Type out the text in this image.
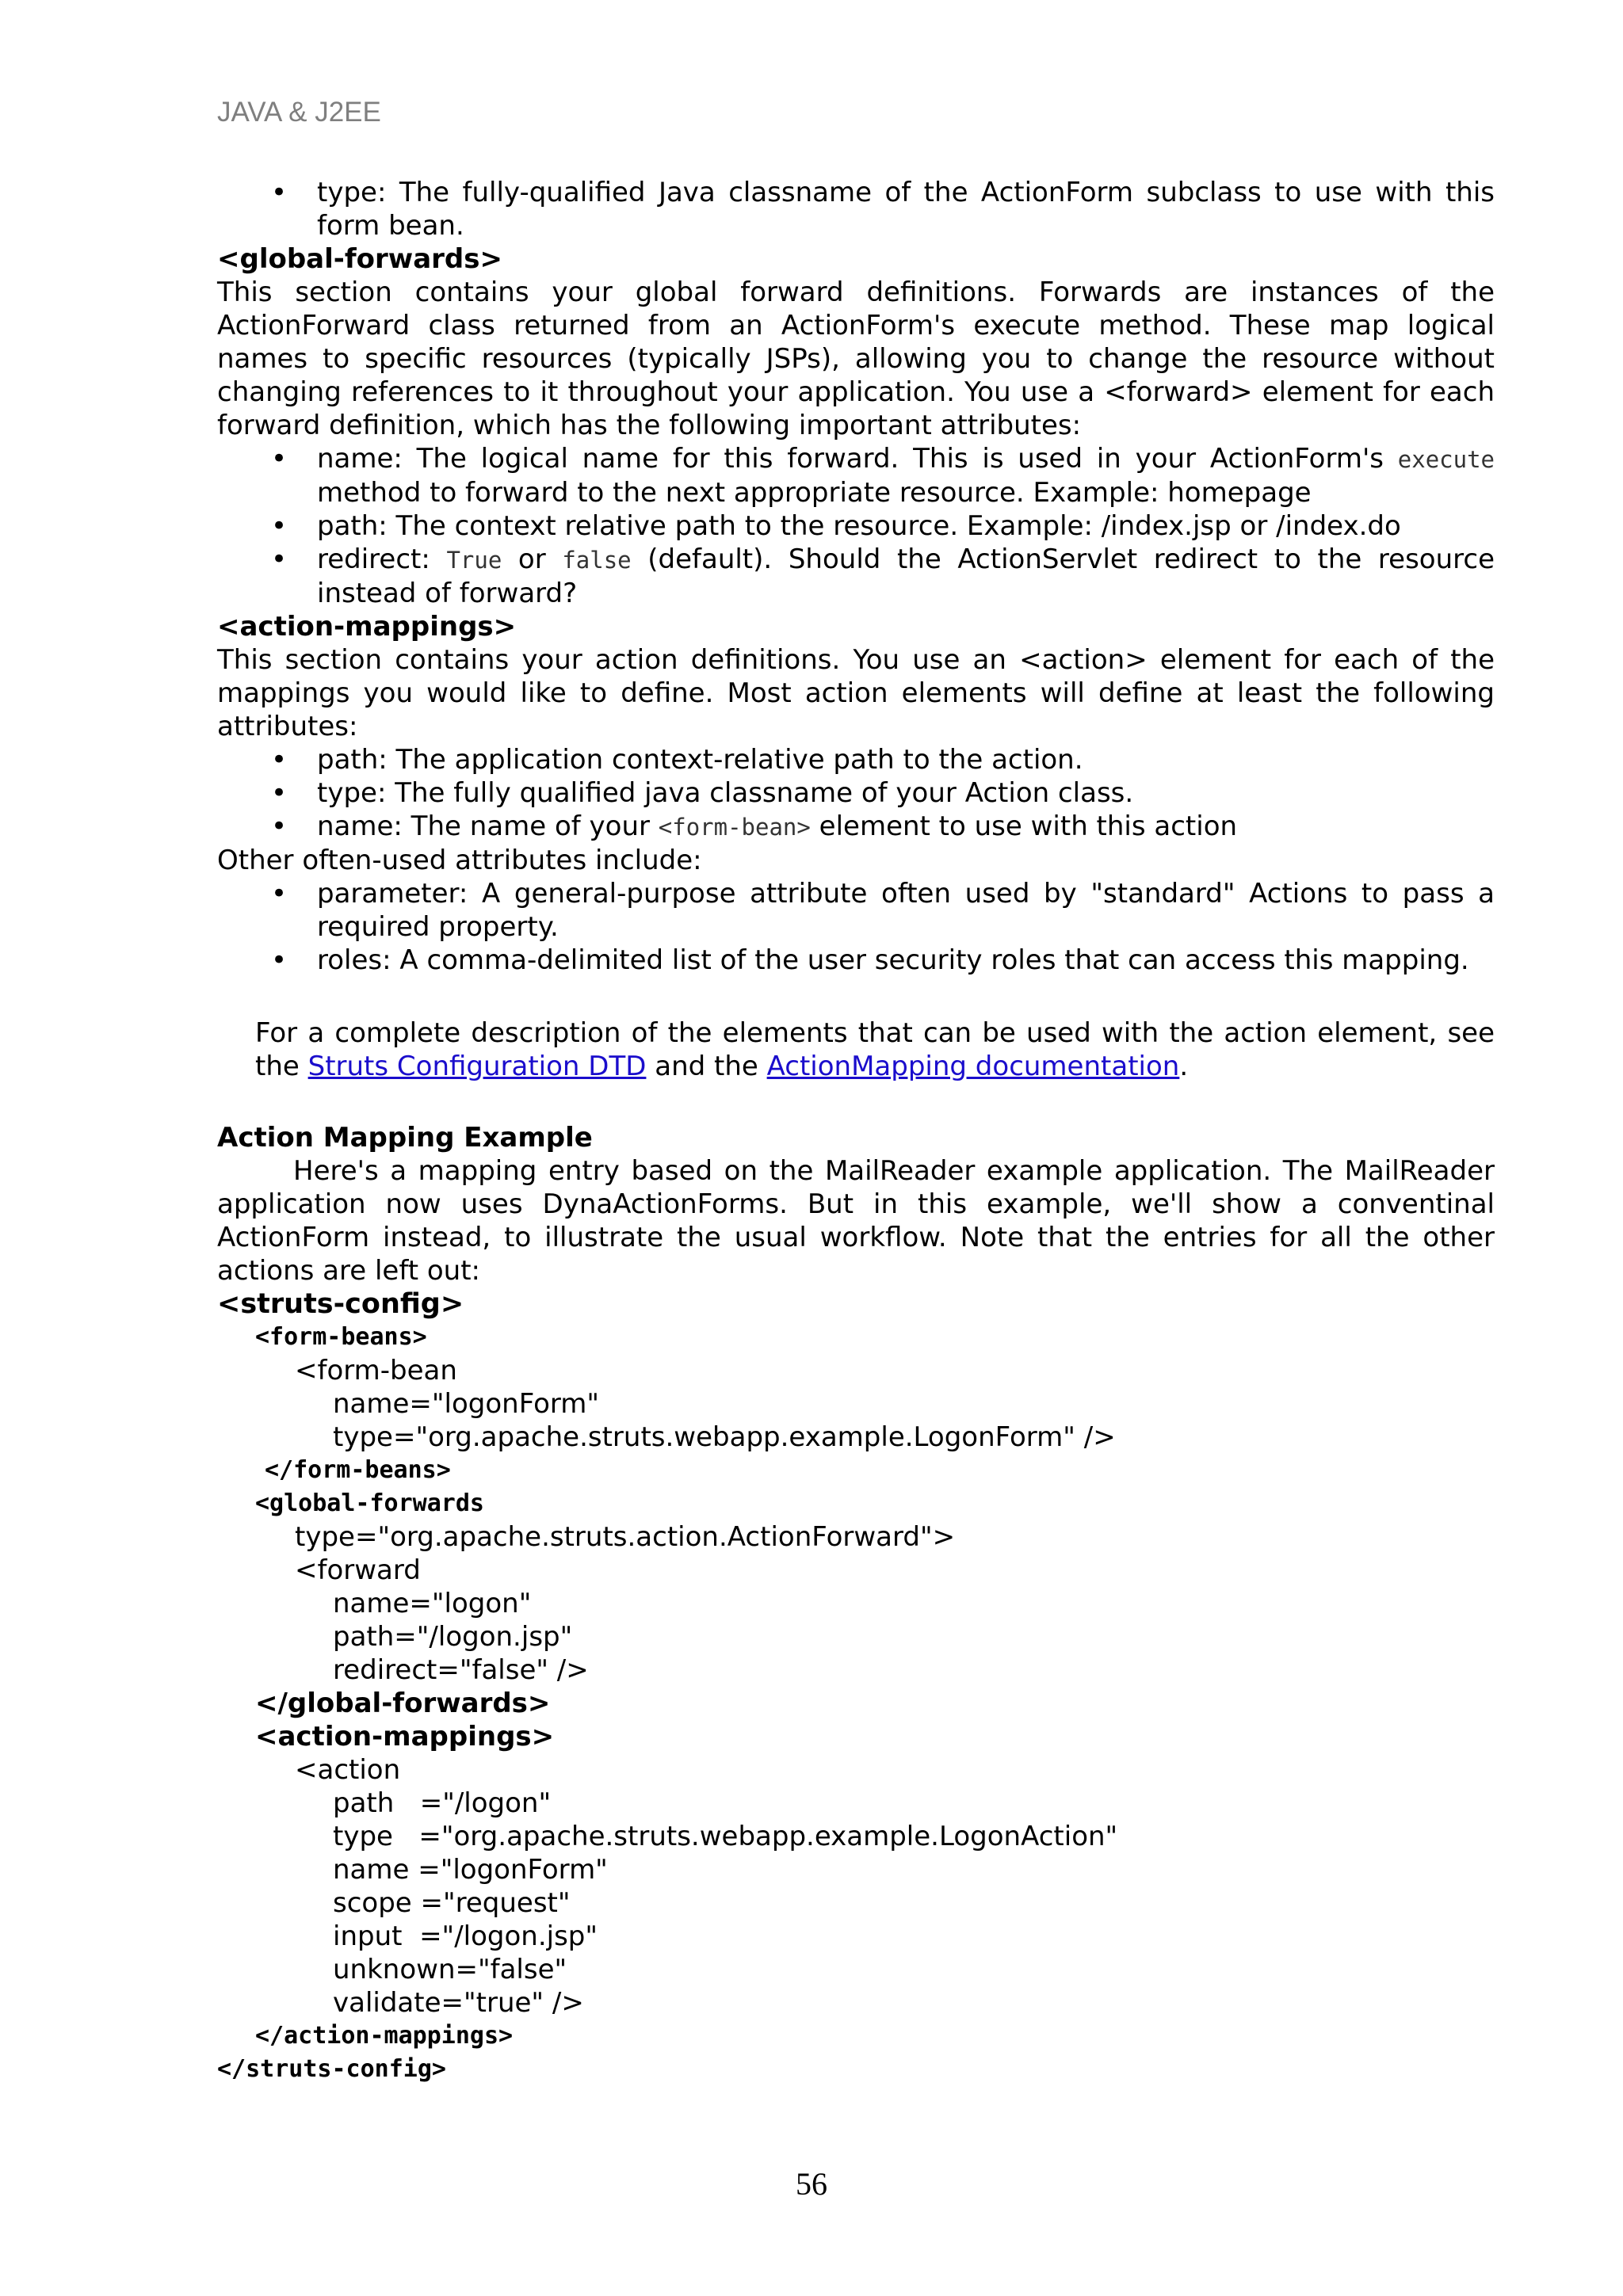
JAVA & J2EE
• type: The fully-qualified Java classname of the ActionForm subclass to use with this form bean.
<global-forwards>

This section contains your global forward definitions. Forwards are instances of the ActionForward class returned from an ActionForm's execute method. These map logical names to specific resources (typically JSPs), allowing you to change the resource without changing references to it throughout your application. You use a <forward> element for each forward definition, which has the following important attributes:

• name: The logical name for this forward. This is used in your ActionForm's execute method to forward to the next appropriate resource. Example: homepage
• path: The context relative path to the resource. Example: /index.jsp or /index.do
• redirect: True or false (default). Should the ActionServlet redirect to the resource instead of forward?
<action-mappings>

This section contains your action definitions. You use an <action> element for each of the mappings you would like to define. Most action elements will define at least the following attributes:

• path: The application context-relative path to the action.
• type: The fully qualified java classname of your Action class.
• name: The name of your <form-bean> element to use with this action

Other often-used attributes include:

• parameter: A general-purpose attribute often used by "standard" Actions to pass a required property.
• roles: A comma-delimited list of the user security roles that can access this mapping.

For a complete description of the elements that can be used with the action element, see the Struts Configuration DTD and the ActionMapping documentation.

Action Mapping Example

Here's a mapping entry based on the MailReader example application. The MailReader application now uses DynaActionForms. But in this example, we'll show a conventinal ActionForm instead, to illustrate the usual workflow. Note that the entries for all the other actions are left out:

<struts-config>
<form-beans>
<form-bean
name="logonForm"
type="org.apache.struts.webapp.example.LogonForm" />
</form-beans>
<global-forwards
type="org.apache.struts.action.ActionForward">
<forward
name="logon"
path="/logon.jsp"
redirect="false" />
</global-forwards>
<action-mappings>
<action
path   ="/logon"
type   ="org.apache.struts.webapp.example.LogonAction"
name ="logonForm"
scope ="request"
input  ="/logon.jsp"
unknown="false"
validate="true" />
</action-mappings>
</struts-config>
56
